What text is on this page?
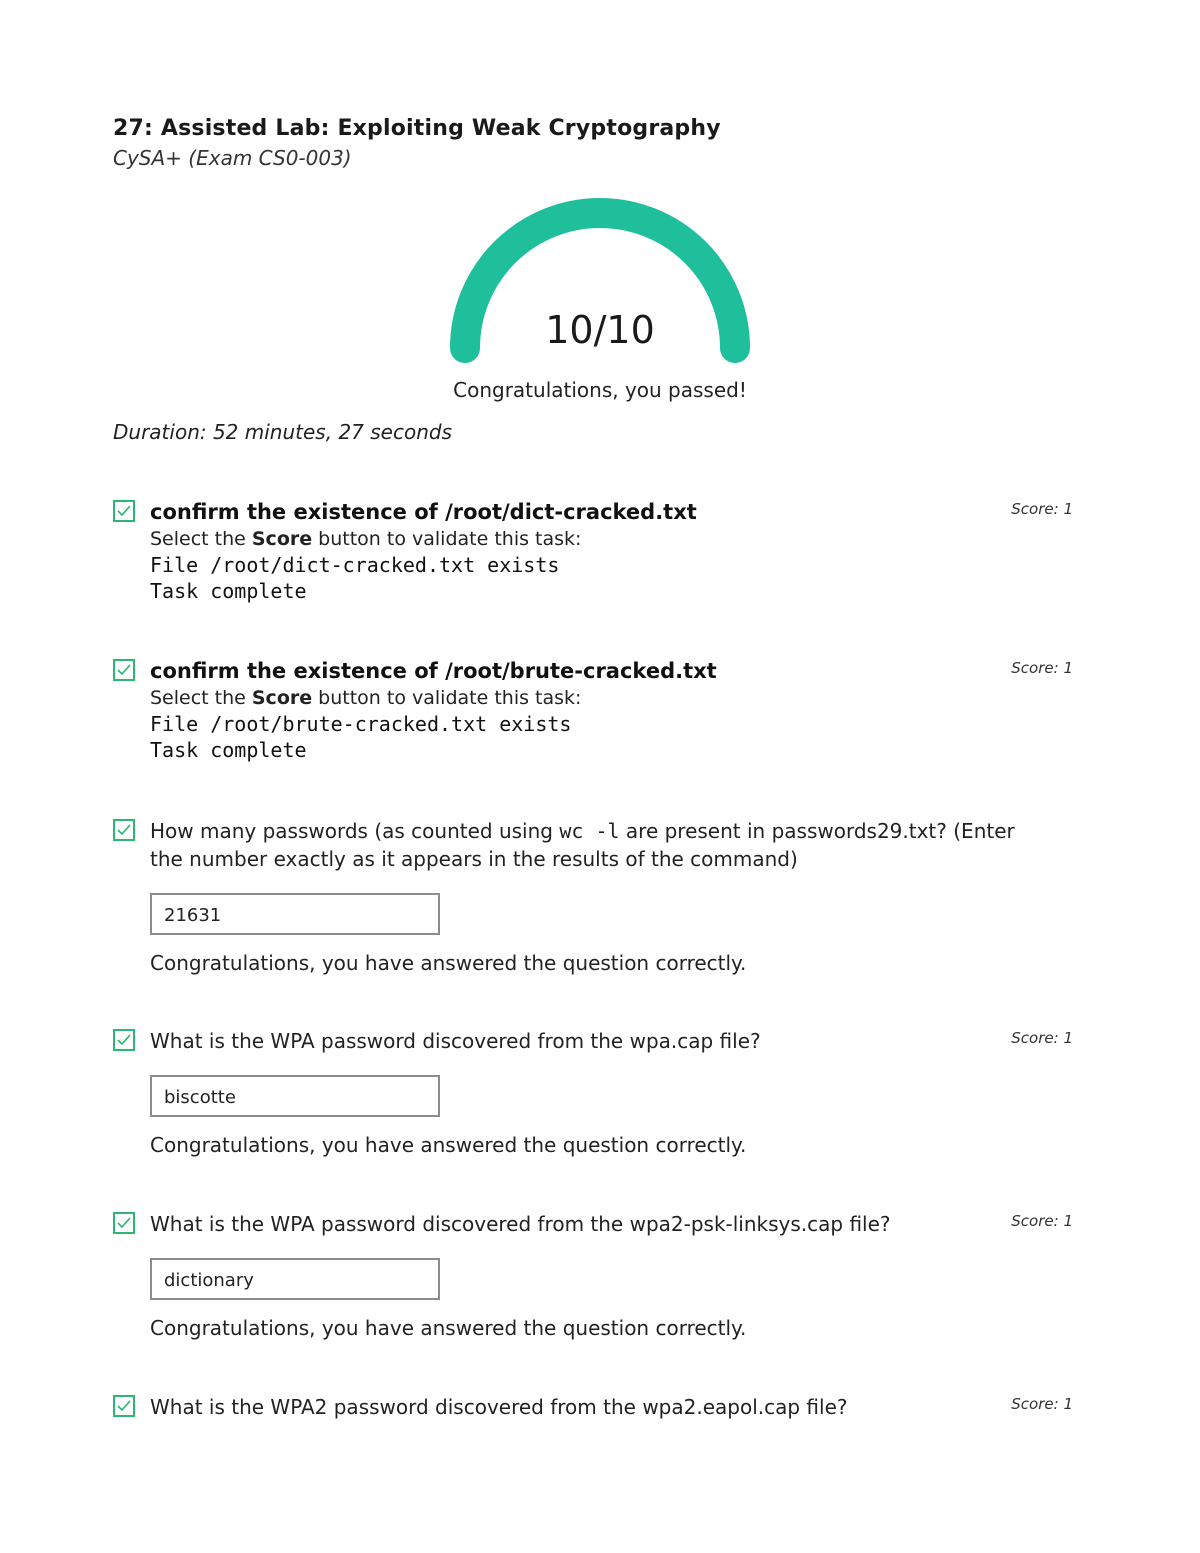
27: Assisted Lab: Exploiting Weak Cryptography
CySA+ (Exam CS0-003)
10/10
Congratulations, you passed!
Duration: 52 minutes, 27 seconds
confirm the existence of /root/dict-cracked.txt
Select the Score button to validate this task:
File /root/dict-cracked.txt exists
Task complete
Score: 1
confirm the existence of /root/brute-cracked.txt
Select the Score button to validate this task:
File /root/brute-cracked.txt exists
Task complete
Score: 1
How many passwords (as counted using wc -l are present in passwords29.txt? (Enter the number exactly as it appears in the results of the command)
21631
Congratulations, you have answered the question correctly.
What is the WPA password discovered from the wpa.cap file?
biscotte
Congratulations, you have answered the question correctly.
Score: 1
What is the WPA password discovered from the wpa2-psk-linksys.cap file?
dictionary
Congratulations, you have answered the question correctly.
Score: 1
What is the WPA2 password discovered from the wpa2.eapol.cap file?	Score: 1
